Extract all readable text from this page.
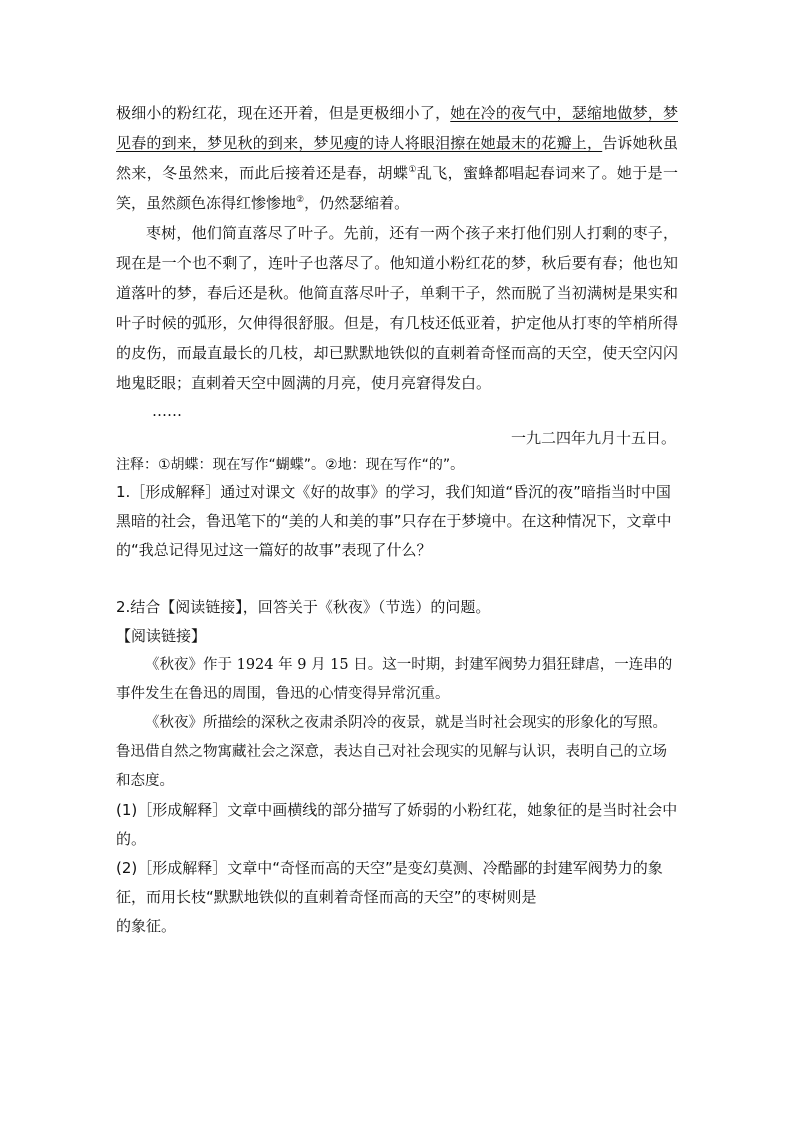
极细小的粉红花，现在还开着，但是更极细小了，她在冷的夜气中，瑟缩地做梦，梦见春的到来，梦见秋的到来，梦见瘦的诗人将眼泪擦在她最末的花瓣上，告诉她秋虽然来，冬虽然来，而此后接着还是春，胡蝶①乱飞，蜜蜂都唱起春词来了。她于是一笑，虽然颜色冻得红惨惨地②，仍然瑟缩着。

枣树，他们简直落尽了叶子。先前，还有一两个孩子来打他们别人打剩的枣子，现在是一个也不剩了，连叶子也落尽了。他知道小粉红花的梦，秋后要有春；他也知道落叶的梦，春后还是秋。他简直落尽叶子，单剩干子，然而脱了当初满树是果实和叶子时候的弧形，欠伸得很舒服。但是，有几枝还低亚着，护定他从打枣的竿梢所得的皮伤，而最直最长的几枝，却已默默地铁似的直刺着奇怪而高的天空，使天空闪闪地鬼眨眼；直刺着天空中圆满的月亮，使月亮窘得发白。

……

一九二四年九月十五日。

注释：①胡蝶：现在写作“蝴蝶”。②地：现在写作“的”。

1.［形成解释］通过对课文《好的故事》的学习，我们知道“昏沉的夜”暗指当时中国黑暗的社会，鲁迅笔下的“美的人和美的事”只存在于梦境中。在这种情况下，文章中的“我总记得见过这一篇好的故事”表现了什么？

2.结合【阅读链接】，回答关于《秋夜》（节选）的问题。

【阅读链接】

《秋夜》作于 1924 年 9 月 15 日。这一时期，封建军阀势力猖狂肆虐，一连串的事件发生在鲁迅的周围，鲁迅的心情变得异常沉重。

《秋夜》所描绘的深秋之夜肃杀阴冷的夜景，就是当时社会现实的形象化的写照。鲁迅借自然之物寓藏社会之深意，表达自己对社会现实的见解与认识，表明自己的立场和态度。

(1)［形成解释］文章中画横线的部分描写了娇弱的小粉红花，她象征的是当时社会中的。

(2)［形成解释］文章中“奇怪而高的天空”是变幻莫测、冷酷鄙的封建军阀势力的象征，而用长枝“默默地铁似的直刺着奇怪而高的天空”的枣树则是
的象征。
